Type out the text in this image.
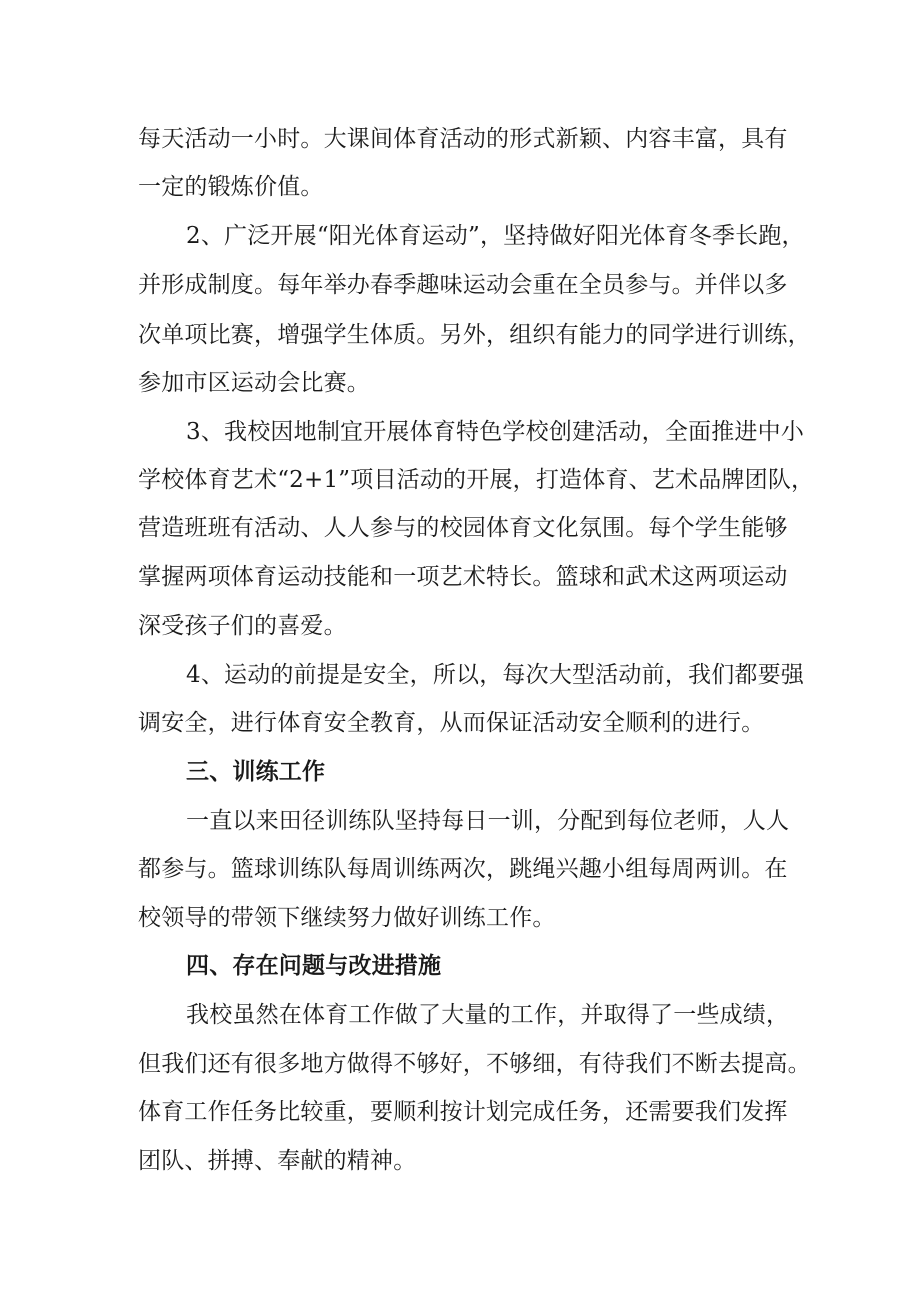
每天活动一小时。大课间体育活动的形式新颖、内容丰富，具有
一定的锻炼价值。
2、广泛开展“阳光体育运动”，坚持做好阳光体育冬季长跑，
并形成制度。每年举办春季趣味运动会重在全员参与。并伴以多
次单项比赛，增强学生体质。另外，组织有能力的同学进行训练，
参加市区运动会比赛。
3、我校因地制宜开展体育特色学校创建活动，全面推进中小
学校体育艺术“2+1”项目活动的开展，打造体育、艺术品牌团队，
营造班班有活动、人人参与的校园体育文化氛围。每个学生能够
掌握两项体育运动技能和一项艺术特长。篮球和武术这两项运动
深受孩子们的喜爱。
4、运动的前提是安全，所以，每次大型活动前，我们都要强
调安全，进行体育安全教育，从而保证活动安全顺利的进行。
三、训练工作
一直以来田径训练队坚持每日一训，分配到每位老师，人人
都参与。篮球训练队每周训练两次，跳绳兴趣小组每周两训。在
校领导的带领下继续努力做好训练工作。
四、存在问题与改进措施
我校虽然在体育工作做了大量的工作，并取得了一些成绩，
但我们还有很多地方做得不够好，不够细，有待我们不断去提高。
体育工作任务比较重，要顺利按计划完成任务，还需要我们发挥
团队、拼搏、奉献的精神。
